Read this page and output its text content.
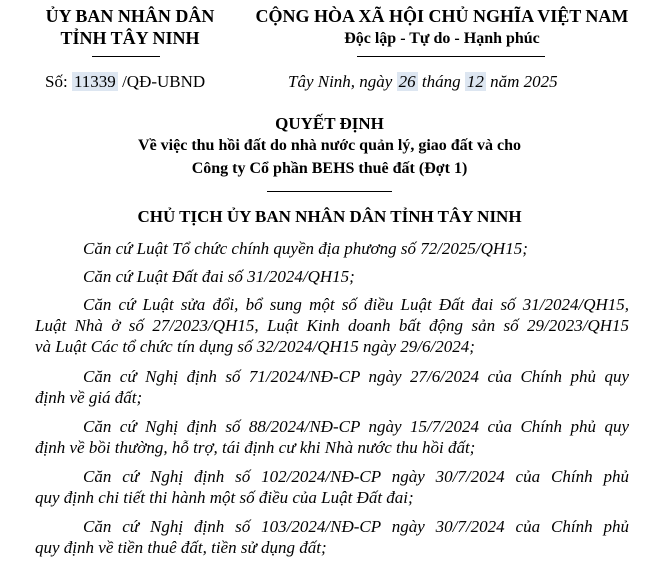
ỦY BAN NHÂN DÂN
TỈNH TÂY NINH
CỘNG HÒA XÃ HỘI CHỦ NGHĨA VIỆT NAM
Độc lập - Tự do - Hạnh phúc
Số: 11339 /QĐ-UBND	Tây Ninh, ngày 26 tháng 12 năm 2025
QUYẾT ĐỊNH
Về việc thu hồi đất do nhà nước quản lý, giao đất và cho
Công ty Cổ phần BEHS thuê đất (Đợt 1)
CHỦ TỊCH ỦY BAN NHÂN DÂN TỈNH TÂY NINH
Căn cứ Luật Tổ chức chính quyền địa phương số 72/2025/QH15;
Căn cứ Luật Đất đai số 31/2024/QH15;
Căn cứ Luật sửa đổi, bổ sung một số điều Luật Đất đai số 31/2024/QH15,
Luật Nhà ở số 27/2023/QH15, Luật Kinh doanh bất động sản số 29/2023/QH15
và Luật Các tổ chức tín dụng số 32/2024/QH15 ngày 29/6/2024;
Căn cứ Nghị định số 71/2024/NĐ-CP ngày 27/6/2024 của Chính phủ quy
định về giá đất;
Căn cứ Nghị định số 88/2024/NĐ-CP ngày 15/7/2024 của Chính phủ quy
định về bồi thường, hỗ trợ, tái định cư khi Nhà nước thu hồi đất;
Căn cứ Nghị định số 102/2024/NĐ-CP ngày 30/7/2024 của Chính phủ
quy định chi tiết thi hành một số điều của Luật Đất đai;
Căn cứ Nghị định số 103/2024/NĐ-CP ngày 30/7/2024 của Chính phủ
quy định về tiền thuê đất, tiền sử dụng đất;
